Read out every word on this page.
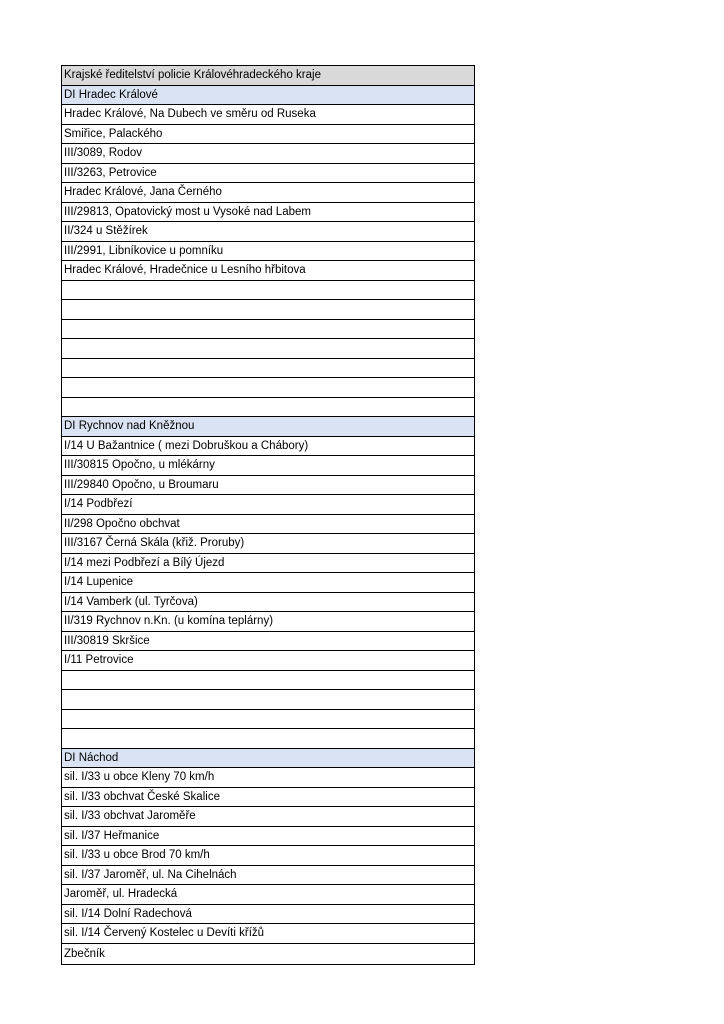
Krajské ředitelství policie Královéhradeckého kraje
DI Hradec Králové
Hradec Králové, Na Dubech ve směru od Ruseka
Smiřice, Palackého
III/3089, Rodov
III/3263, Petrovice
Hradec Králové, Jana Černého
III/29813, Opatovický most u Vysoké nad Labem
II/324 u Stěžírek
III/2991, Libníkovice u pomníku
Hradec Králové, Hradečnice u Lesního hřbitova
DI Rychnov nad Kněžnou
I/14 U Bažantnice ( mezi Dobruškou a Chábory)
III/30815 Opočno, u mlékárny
III/29840 Opočno, u Broumaru
I/14 Podbřezí
II/298 Opočno obchvat
III/3167 Černá Skála (křiž. Proruby)
I/14 mezi Podbřezí a Bílý Újezd
I/14 Lupenice
I/14 Vamberk (ul. Tyrčova)
II/319 Rychnov n.Kn. (u komína teplárny)
III/30819 Skršice
I/11 Petrovice
DI Náchod
sil. I/33 u obce Kleny 70 km/h
sil. I/33 obchvat České Skalice
sil. I/33 obchvat Jaroměře
sil. I/37 Heřmanice
sil. I/33 u obce Brod 70 km/h
sil. I/37 Jaroměř, ul. Na Cihelnách
Jaroměř, ul. Hradecká
sil. I/14 Dolní Radechová
sil. I/14 Červený Kostelec u Devíti křížů
Zbečník
